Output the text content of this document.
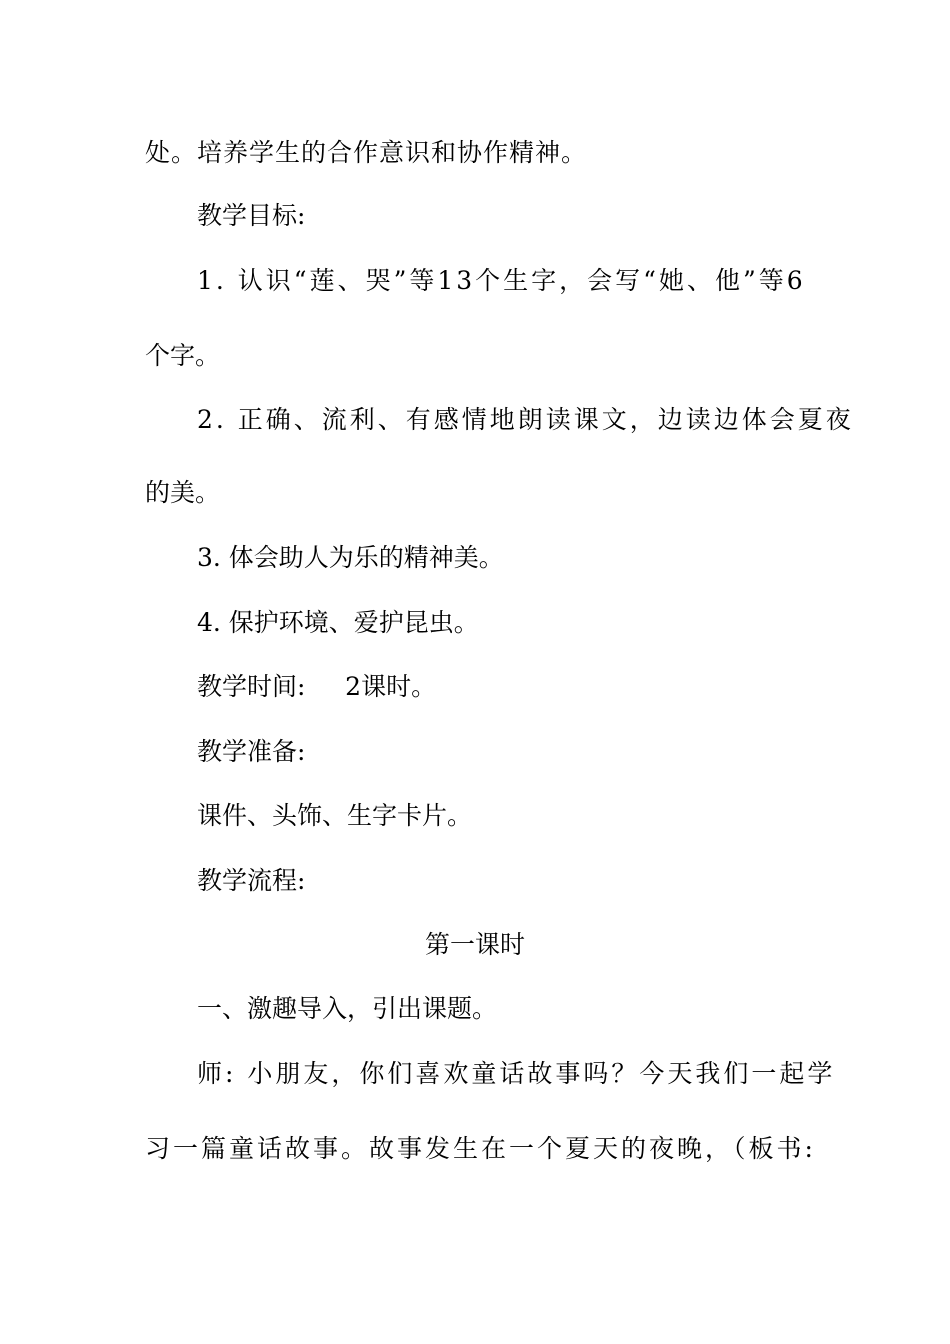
处。培养学生的合作意识和协作精神。
教学目标:
1. 认识“莲、哭”等13个生字，会写“她、他”等6
个字。
2. 正确、流利、有感情地朗读课文，边读边体会夏夜
的美。
3. 体会助人为乐的精神美。
4. 保护环境、爱护昆虫。
教学时间:     2课时。
教学准备:
课件、头饰、生字卡片。
教学流程:
第一课时
一、激趣导入，引出课题。
师: 小朋友，你们喜欢童话故事吗？今天我们一起学
习一篇童话故事。故事发生在一个夏天的夜晚，（板书:
